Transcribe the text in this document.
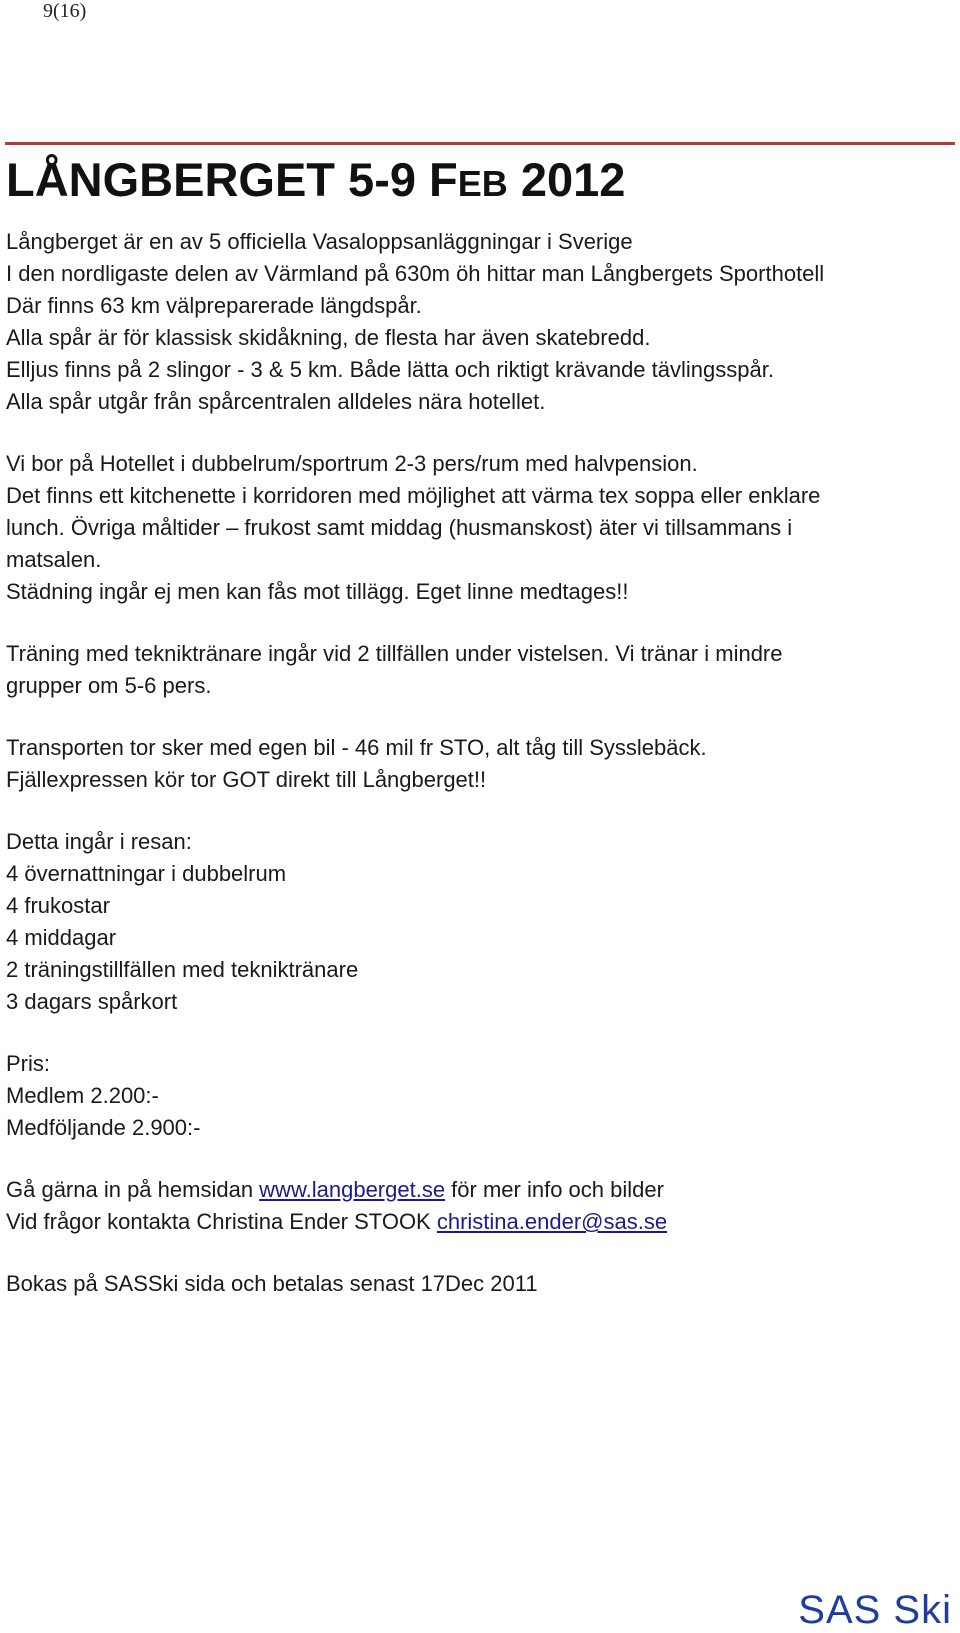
9(16)
LÅNGBERGET 5-9 FEB 2012
Långberget är en av 5 officiella Vasaloppsanläggningar i Sverige
I den nordligaste delen av Värmland på 630m öh hittar man Långbergets Sporthotell
Där finns 63 km välpreparerade längdspår.
Alla spår är för klassisk skidåkning, de flesta har även skatebredd.
Elljus finns på 2 slingor - 3 & 5 km. Både lätta och riktigt krävande tävlingsspår.
Alla spår utgår från spårcentralen alldeles nära hotellet.
Vi bor på Hotellet i dubbelrum/sportrum 2-3 pers/rum med halvpension.
Det finns ett kitchenette i korridoren med möjlighet att värma tex soppa eller enklare
lunch. Övriga måltider – frukost samt middag (husmanskost) äter vi tillsammans i
matsalen.
Städning ingår ej men kan fås mot tillägg. Eget linne medtages!!
Träning med tekniktränare ingår vid 2 tillfällen under vistelsen. Vi tränar i mindre
grupper om 5-6 pers.
Transporten tor sker med egen bil - 46 mil fr STO, alt tåg till Sysslebäck.
Fjällexpressen kör tor GOT direkt till Långberget!!
Detta ingår i resan:
4 övernattningar i dubbelrum
4 frukostar
4 middagar
2 träningstillfällen med tekniktränare
3 dagars spårkort
Pris:
Medlem 2.200:-
Medföljande 2.900:-
Gå gärna in på hemsidan www.langberget.se för mer info och bilder
Vid frågor kontakta Christina Ender STOOK christina.ender@sas.se
Bokas på SASSki sida och betalas senast 17Dec 2011
SAS Ski
